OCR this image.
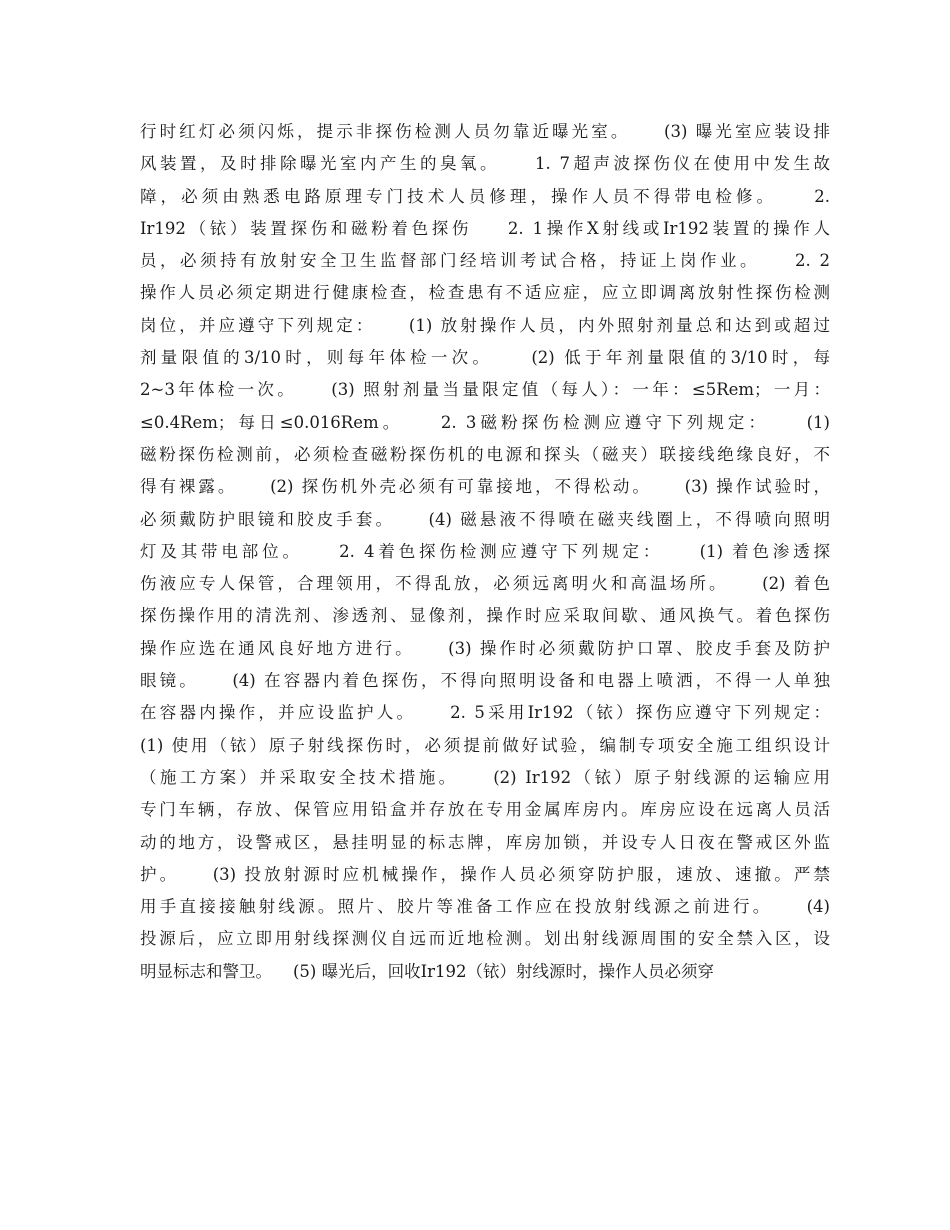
行时红灯必须闪烁，提示非探伤检测人员勿靠近曝光室。    (3) 曝光室应装设排
风装置，及时排除曝光室内产生的臭氧。    1. 7超声波探伤仪在使用中发生故
障，必须由熟悉电路原理专门技术人员修理，操作人员不得带电检修。    2.
Ir192（铱）装置探伤和磁粉着色探伤    2. 1操作X射线或Ir192装置的操作人
员，必须持有放射安全卫生监督部门经培训考试合格，持证上岗作业。    2. 2
操作人员必须定期进行健康检查，检查患有不适应症，应立即调离放射性探伤检测
岗位，并应遵守下列规定：    (1) 放射操作人员，内外照射剂量总和达到或超过
剂量限值的3/10时，则每年体检一次。    (2) 低于年剂量限值的3/10时，每
2~3年体检一次。    (3) 照射剂量当量限定值（每人）：一年：≤5Rem；一月：
≤0.4Rem；每日≤0.016Rem。    2. 3磁粉探伤检测应遵守下列规定：    (1)
磁粉探伤检测前，必须检查磁粉探伤机的电源和探头（磁夹）联接线绝缘良好，不
得有裸露。    (2) 探伤机外壳必须有可靠接地，不得松动。    (3) 操作试验时，
必须戴防护眼镜和胶皮手套。    (4) 磁悬液不得喷在磁夹线圈上，不得喷向照明
灯及其带电部位。    2. 4着色探伤检测应遵守下列规定：    (1) 着色渗透探
伤液应专人保管，合理领用，不得乱放，必须远离明火和高温场所。    (2) 着色
探伤操作用的清洗剂、渗透剂、显像剂，操作时应采取间歇、通风换气。着色探伤
操作应选在通风良好地方进行。    (3) 操作时必须戴防护口罩、胶皮手套及防护
眼镜。    (4) 在容器内着色探伤，不得向照明设备和电器上喷洒，不得一人单独
在容器内操作，并应设监护人。    2. 5采用Ir192（铱）探伤应遵守下列规定：
(1) 使用（铱）原子射线探伤时，必须提前做好试验，编制专项安全施工组织设计
（施工方案）并采取安全技术措施。    (2) Ir192（铱）原子射线源的运输应用
专门车辆，存放、保管应用铅盒并存放在专用金属库房内。库房应设在远离人员活
动的地方，设警戒区，悬挂明显的标志牌，库房加锁，并设专人日夜在警戒区外监
护。    (3) 投放射源时应机械操作，操作人员必须穿防护服，速放、速撤。严禁
用手直接接触射线源。照片、胶片等准备工作应在投放射线源之前进行。    (4)
投源后，应立即用射线探测仪自远而近地检测。划出射线源周围的安全禁入区，设
明显标志和警卫。    (5) 曝光后，回收Ir192（铱）射线源时，操作人员必须穿
